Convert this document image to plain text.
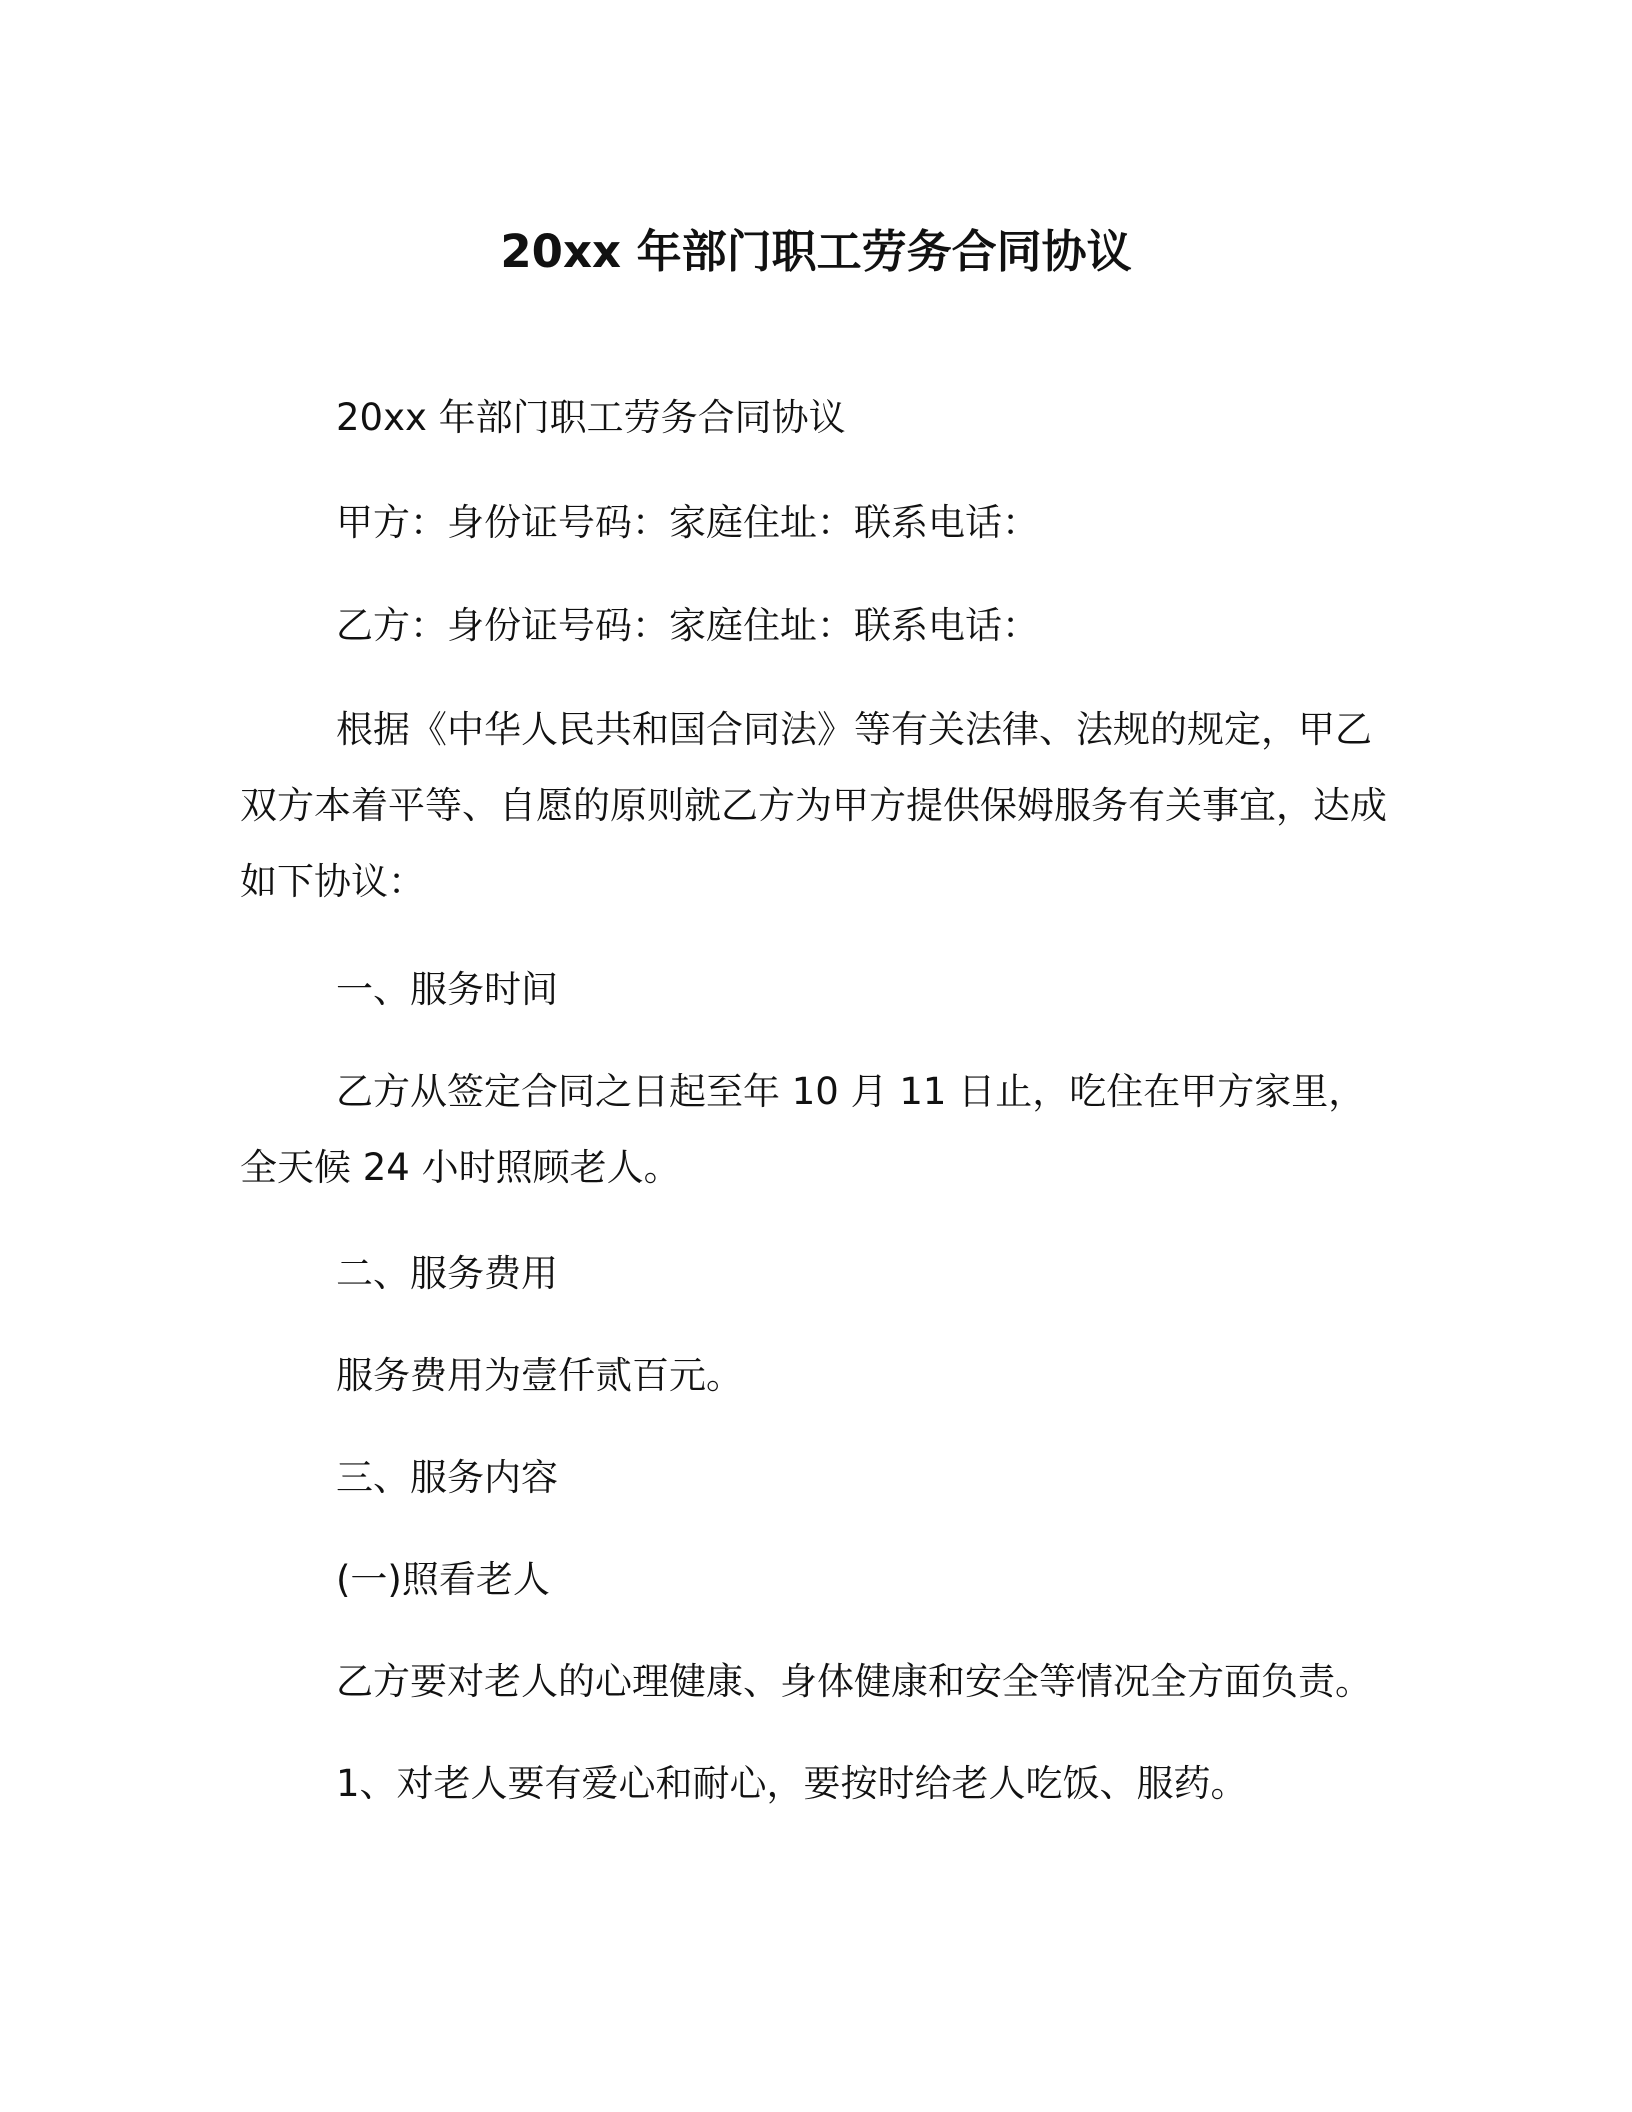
20xx 年部门职工劳务合同协议

20xx 年部门职工劳务合同协议

甲方：身份证号码：家庭住址：联系电话：

乙方：身份证号码：家庭住址：联系电话：

根据《中华人民共和国合同法》等有关法律、法规的规定，甲乙双方本着平等、自愿的原则就乙方为甲方提供保姆服务有关事宜，达成如下协议：

一、服务时间

乙方从签定合同之日起至年 10 月 11 日止，吃住在甲方家里，全天候 24 小时照顾老人。

二、服务费用

服务费用为壹仟贰百元。

三、服务内容

(一)照看老人

乙方要对老人的心理健康、身体健康和安全等情况全方面负责。

1、对老人要有爱心和耐心，要按时给老人吃饭、服药。
